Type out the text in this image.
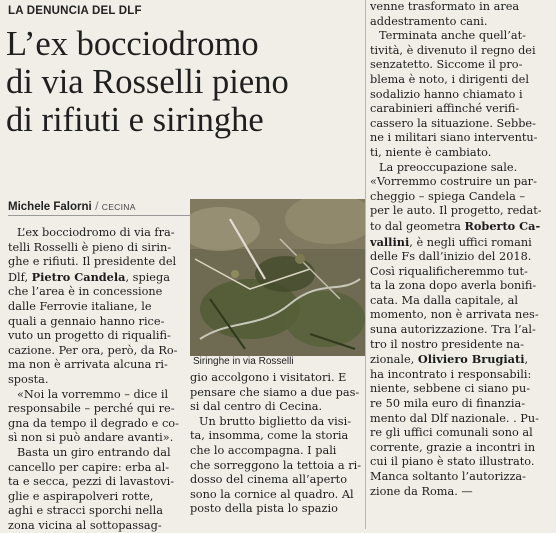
LA DENUNCIA DEL DLF
L’ex bocciodromo
di via Rosselli pieno
di rifiuti e siringhe
Michele Falorni / CECINA
Siringhe in via Rosselli
L’ex bocciodromo di via fra-
telli Rosselli è pieno di sirin-
ghe e rifiuti. Il presidente del
Dlf, Pietro Candela, spiega
che l’area è in concessione
dalle Ferrovie italiane, le
quali a gennaio hanno rice-
vuto un progetto di riqualifi-
cazione. Per ora, però, da Ro-
ma non è arrivata alcuna ri-
sposta.
«Noi la vorremmo – dice il
responsabile – perché qui re-
gna da tempo il degrado e co-
sì non si può andare avanti».
Basta un giro entrando dal
cancello per capire: erba al-
ta e secca, pezzi di lavastovi-
glie e aspirapolveri rotte,
aghi e stracci sporchi nella
zona vicina al sottopassag-
gio accolgono i visitatori. E
pensare che siamo a due pas-
si dal centro di Cecina.
Un brutto biglietto da visi-
ta, insomma, come la storia
che lo accompagna. I pali
che sorreggono la tettoia a ri-
dosso del cinema all’aperto
sono la cornice al quadro. Al
posto della pista lo spazio
venne trasformato in area
addestramento cani.
Terminata anche quell’at-
tività, è divenuto il regno dei
senzatetto. Siccome il pro-
blema è noto, i dirigenti del
sodalizio hanno chiamato i
carabinieri affinché verifi-
cassero la situazione. Sebbe-
ne i militari siano interventu-
ti, niente è cambiato.
La preoccupazione sale.
«Vorremmo costruire un par-
cheggio – spiega Candela –
per le auto. Il progetto, redat-
to dal geometra Roberto Ca-
vallini, è negli uffici romani
delle Fs dall’inizio del 2018.
Così riqualificheremmo tut-
ta la zona dopo averla bonifi-
cata. Ma dalla capitale, al
momento, non è arrivata nes-
suna autorizzazione. Tra l’al-
tro il nostro presidente na-
zionale, Oliviero Brugiati,
ha incontrato i responsabili:
niente, sebbene ci siano pu-
re 50 mila euro di finanzia-
mento dal Dlf nazionale. . Pu-
re gli uffici comunali sono al
corrente, grazie a incontri in
cui il piano è stato illustrato.
Manca soltanto l’autorizza-
zione da Roma. —
